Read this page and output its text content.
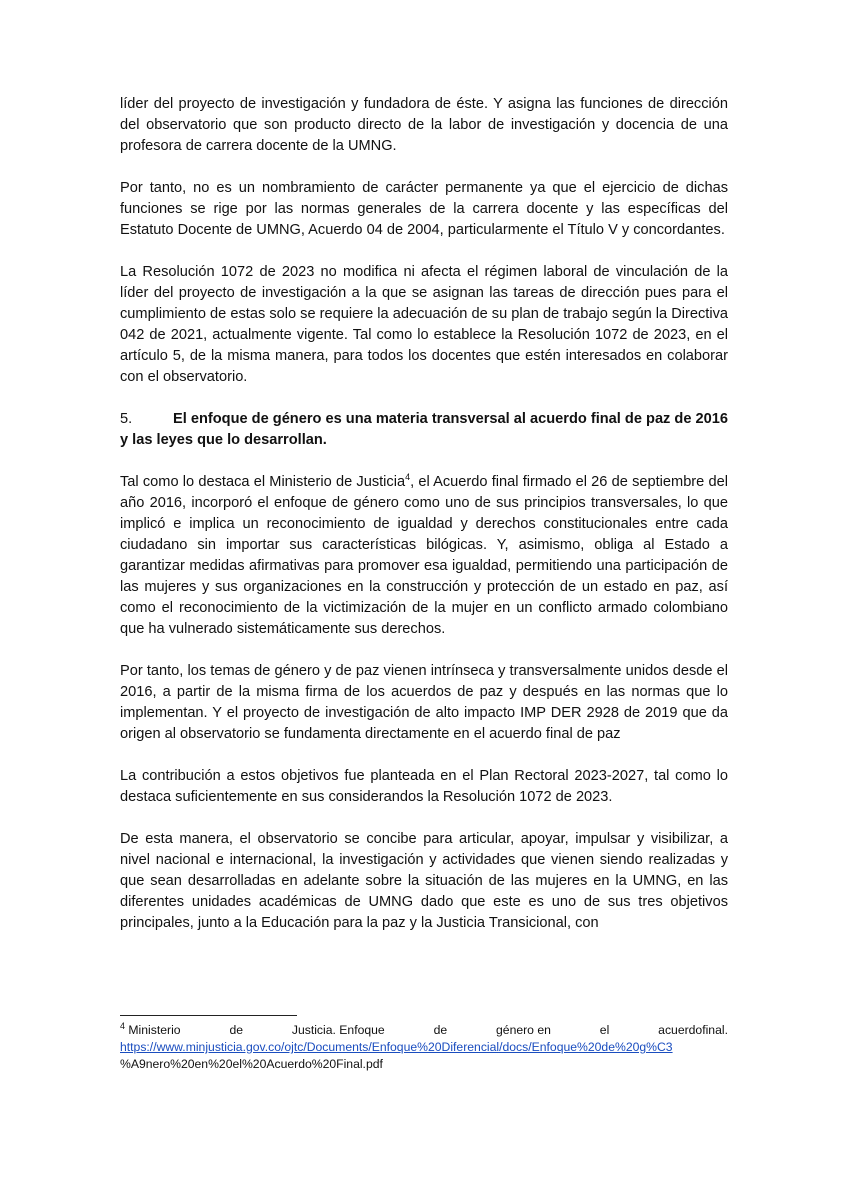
líder del proyecto de investigación y fundadora de éste. Y asigna las funciones de dirección del observatorio que son producto directo de la labor de investigación y docencia de una profesora de carrera docente de la UMNG.

Por tanto, no es un nombramiento de carácter permanente ya que el ejercicio de dichas funciones se rige por las normas generales de la carrera docente y las específicas del Estatuto Docente de UMNG, Acuerdo 04 de 2004, particularmente el Título V y concordantes.

La Resolución 1072 de 2023 no modifica ni afecta el régimen laboral de vinculación de la líder del proyecto de investigación a la que se asignan las tareas de dirección pues para el cumplimiento de estas solo se requiere la adecuación de su plan de trabajo según la Directiva 042 de 2021, actualmente vigente. Tal como lo establece la Resolución 1072 de 2023, en el artículo 5, de la misma manera, para todos los docentes que estén interesados en colaborar con el observatorio.

5.	El enfoque de género es una materia transversal al acuerdo final de paz de 2016 y las leyes que lo desarrollan.

Tal como lo destaca el Ministerio de Justicia$^4$, el Acuerdo final firmado el 26 de septiembre del año 2016, incorporó el enfoque de género como uno de sus principios transversales, lo que implicó e implica un reconocimiento de igualdad y derechos constitucionales entre cada ciudadano sin importar sus características bilógicas. Y, asimismo, obliga al Estado a garantizar medidas afirmativas para promover esa igualdad, permitiendo una participación de las mujeres y sus organizaciones en la construcción y protección de un estado en paz, así como el reconocimiento de la victimización de la mujer en un conflicto armado colombiano que ha vulnerado sistemáticamente sus derechos.

Por tanto, los temas de género y de paz vienen intrínseca y transversalmente unidos desde el 2016, a partir de la misma firma de los acuerdos de paz y después en las normas que lo implementan. Y el proyecto de investigación de alto impacto IMP DER 2928 de 2019 que da origen al observatorio se fundamenta directamente en el acuerdo final de paz

La contribución a estos objetivos fue planteada en el Plan Rectoral 2023-2027, tal como lo destaca suficientemente en sus considerandos la Resolución 1072 de 2023.

De esta manera, el observatorio se concibe para articular, apoyar, impulsar y visibilizar, a nivel nacional e internacional, la investigación y actividades que vienen siendo realizadas y que sean desarrolladas en adelante sobre la situación de las mujeres en la UMNG, en las diferentes unidades académicas de UMNG dado que este es uno de sus tres objetivos principales, junto a la Educación para la paz y la Justicia Transicional, con

$^4$ Ministerio	de	Justicia. Enfoque	de	género en	el	acuerdofinal.
https://www.minjusticia.gov.co/ojtc/Documents/Enfoque%20Diferencial/docs/Enfoque%20de%20g%C3 %A9nero%20en%20el%20Acuerdo%20Final.pdf
